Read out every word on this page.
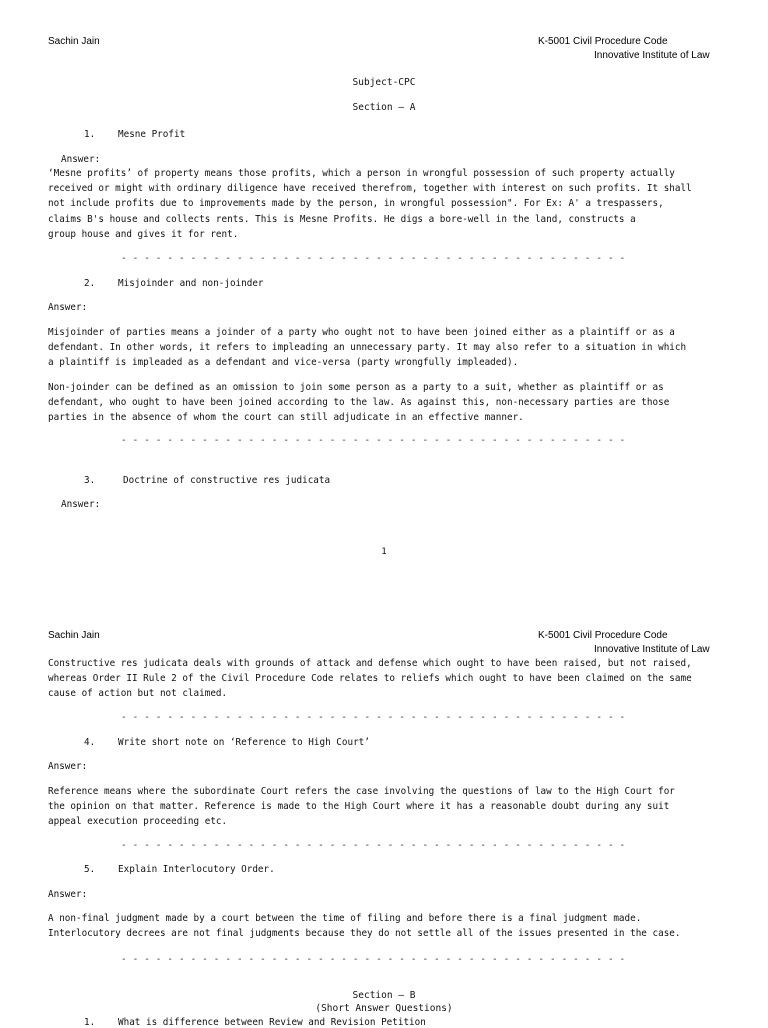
Sachin Jain	K-5001 Civil Procedure Code
Innovative Institute of Law
Subject-CPC
Section – A
1. Mesne Profit
Answer:
‘Mesne profits’ of property means those profits, which a person in wrongful possession of such property actually
received or might with ordinary diligence have received therefrom, together with interest on such profits. It shall
not include profits due to improvements made by the person, in wrongful possession". For Ex: A' a trespassers,
claims B's house and collects rents. This is Mesne Profits. He digs a bore-well in the land, constructs a
group house and gives it for rent.
- - - - - - - - - - - - - - - - - - - - - - - - - - - - - - - - - - - - - - - - - - - -
2. Misjoinder and non-joinder
Answer:
Misjoinder of parties means a joinder of a party who ought not to have been joined either as a plaintiff or as a
defendant. In other words, it refers to impleading an unnecessary party. It may also refer to a situation in which
a plaintiff is impleaded as a defendant and vice-versa (party wrongfully impleaded).
Non-joinder can be defined as an omission to join some person as a party to a suit, whether as plaintiff or as
defendant, who ought to have been joined according to the law. As against this, non-necessary parties are those
parties in the absence of whom the court can still adjudicate in an effective manner.
- - - - - - - - - - - - - - - - - - - - - - - - - - - - - - - - - - - - - - - - - - - -
3.	Doctrine of constructive res judicata
Answer:
1
Sachin Jain	K-5001 Civil Procedure Code
Innovative Institute of Law
Constructive res judicata deals with grounds of attack and defense which ought to have been raised, but not raised,
whereas Order II Rule 2 of the Civil Procedure Code relates to reliefs which ought to have been claimed on the same
cause of action but not claimed.
- - - - - - - - - - - - - - - - - - - - - - - - - - - - - - - - - - - - - - - - - - - -
4. Write short note on ‘Reference to High Court’
Answer:
Reference means where the subordinate Court refers the case involving the questions of law to the High Court for
the opinion on that matter. Reference is made to the High Court where it has a reasonable doubt during any suit
appeal execution proceeding etc.
- - - - - - - - - - - - - - - - - - - - - - - - - - - - - - - - - - - - - - - - - - - -
5. Explain Interlocutory Order.
Answer:
A non-final judgment made by a court between the time of filing and before there is a final judgment made.
Interlocutory decrees are not final judgments because they do not settle all of the issues presented in the case.
- - - - - - - - - - - - - - - - - - - - - - - - - - - - - - - - - - - - - - - - - - - -
Section – B
(Short Answer Questions)
1. What is difference between Review and Revision Petition
